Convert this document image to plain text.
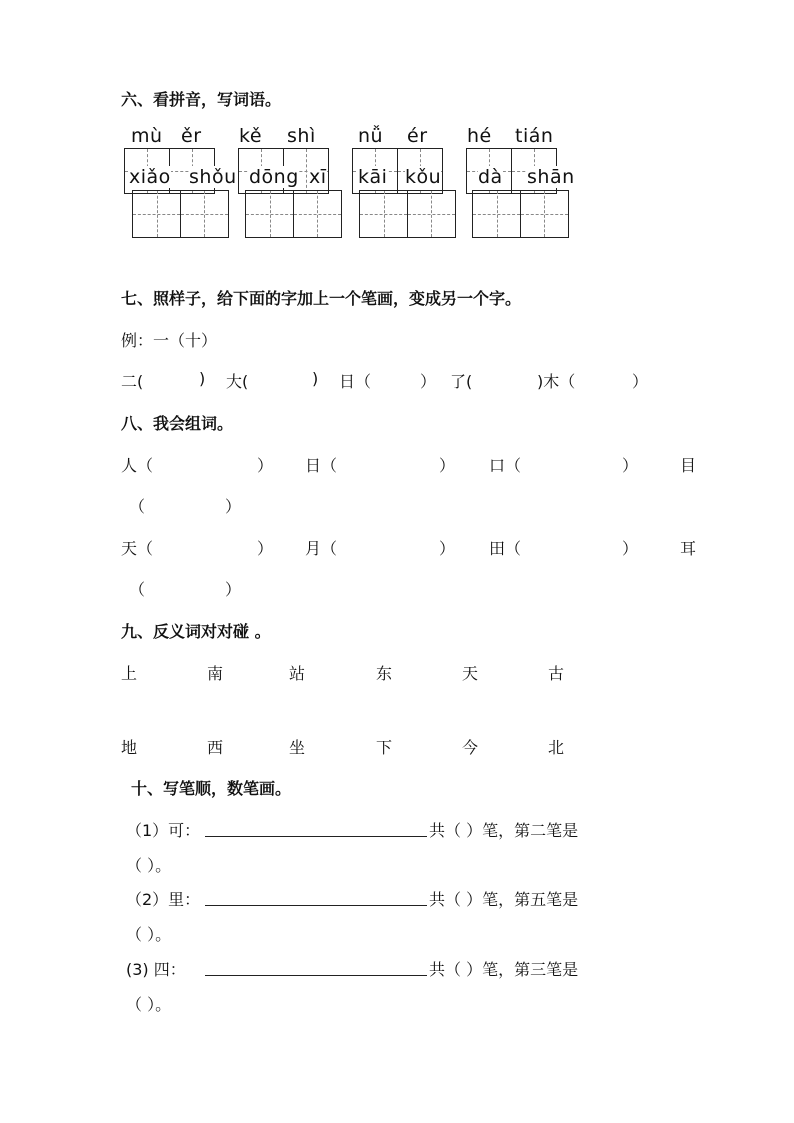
六、看拼音，写词语。
mù ěr kě shì nǚ ér hé tián
xiǎo shǒu dōng xī kāi kǒu dà shān
七、照样子，给下面的字加上一个笔画，变成另一个字。
例：一（十）
二(	) 大(	) 日（	） 了(	)木（	）
八、我会组词。
人（	） 日（	） 口（	）	目
（	）
天（	） 月（	） 田（	）	耳
（	）
九、反义词对对碰 。
上	南	站	东	天	古
地	西	坐	下	今	北
十、写笔顺，数笔画。
（1）可：	共（ ）笔，第二笔是
（ ）。
（2）里：	共（ ）笔，第五笔是
（ ）。
(3) 四：	共（ ）笔，第三笔是
（ ）。
